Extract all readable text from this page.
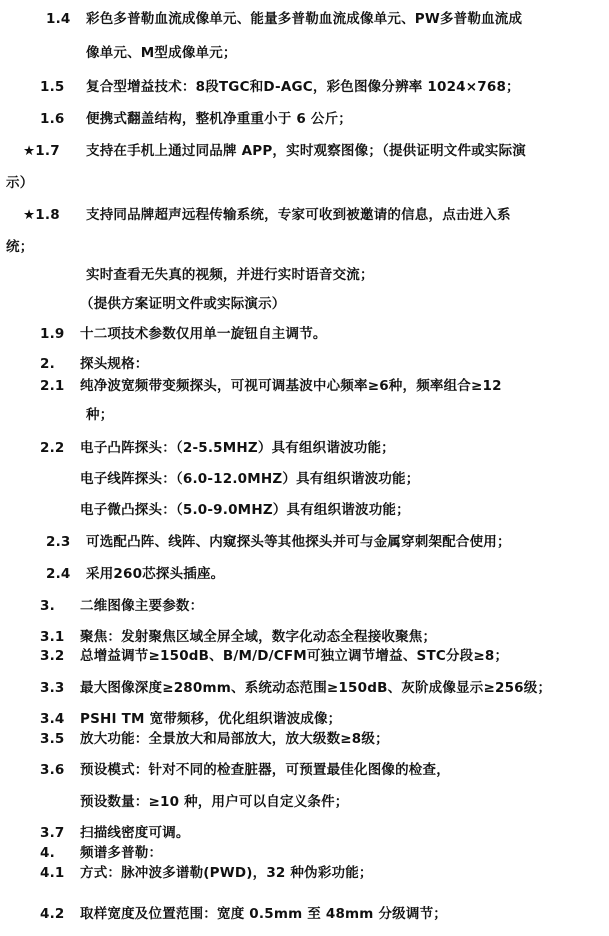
1.4 彩色多普勒血流成像单元、能量多普勒血流成像单元、PW多普勒血流成
像单元、M型成像单元；
1.5 复合型增益技术：8段TGC和D-AGC，彩色图像分辨率 1024×768；
1.6 便携式翻盖结构，整机净重重小于 6 公斤；
★1.7 支持在手机上通过同品牌 APP，实时观察图像；（提供证明文件或实际演
示）
★1.8 支持同品牌超声远程传输系统，专家可收到被邀请的信息，点击进入系
统；
实时查看无失真的视频，并进行实时语音交流；
（提供方案证明文件或实际演示）
1.9 十二项技术参数仅用单一旋钮自主调节。
2. 探头规格：
2.1 纯净波宽频带变频探头，可视可调基波中心频率≥6种，频率组合≥12
种；
2.2 电子凸阵探头：（2-5.5MHZ）具有组织谐波功能；
电子线阵探头：（6.0-12.0MHZ）具有组织谐波功能；
电子微凸探头：（5.0-9.0MHZ）具有组织谐波功能；
2.3 可选配凸阵、线阵、内窥探头等其他探头并可与金属穿刺架配合使用；
2.4 采用260芯探头插座。
3. 二维图像主要参数：
3.1 聚焦：发射聚焦区域全屏全域，数字化动态全程接收聚焦；
3.2 总增益调节≥150dB、B/M/D/CFM可独立调节增益、STC分段≥8；
3.3 最大图像深度≥280mm、系统动态范围≥150dB、灰阶成像显示≥256级；
3.4 PSHI TM 宽带频移，优化组织谐波成像；
3.5 放大功能：全景放大和局部放大，放大级数≥8级；
3.6 预设模式：针对不同的检查脏器，可预置最佳化图像的检查，
预设数量：≥10 种，用户可以自定义条件；
3.7 扫描线密度可调。
4. 频谱多普勒：
4.1 方式：脉冲波多谱勒(PWD)，32 种伪彩功能；
4.2 取样宽度及位置范围：宽度 0.5mm 至 48mm 分级调节；
